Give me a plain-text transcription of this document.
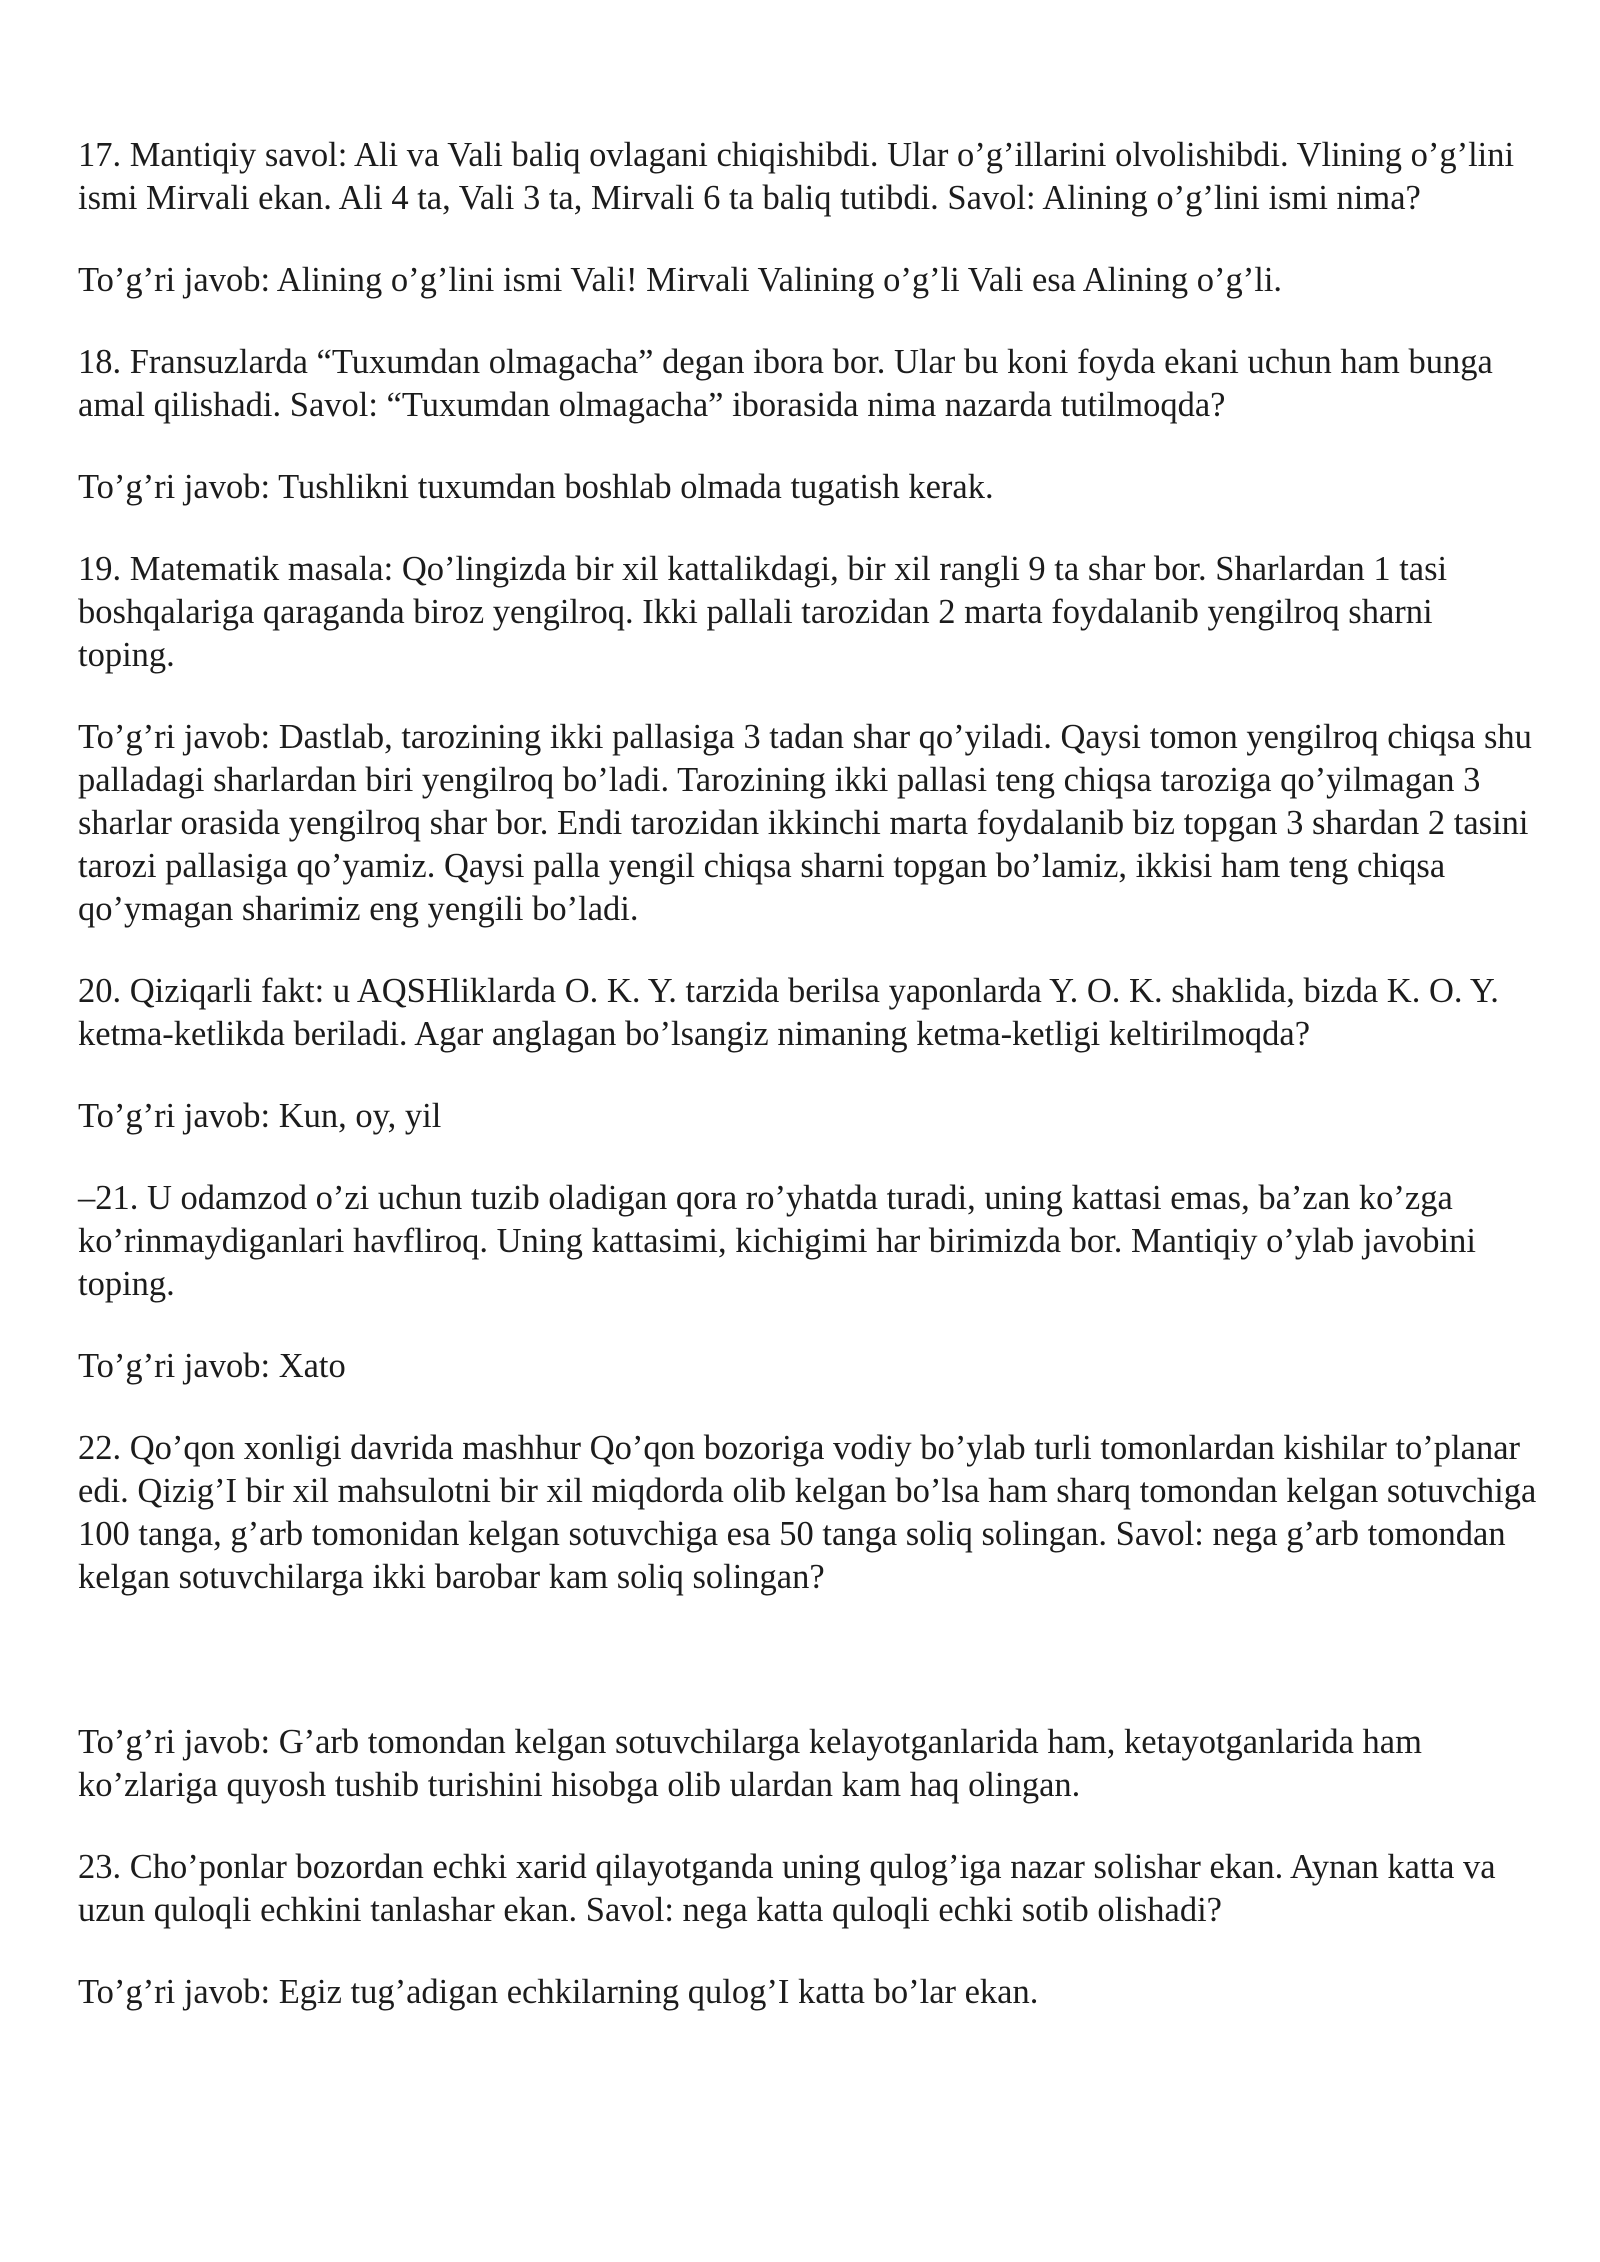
17. Mantiqiy savol: Ali va Vali baliq ovlagani chiqishibdi. Ular o’g’illarini olvolishibdi. Vlining o’g’lini ismi Mirvali ekan. Ali 4 ta, Vali 3 ta, Mirvali 6 ta baliq tutibdi. Savol: Alining o’g’lini ismi nima?

To’g’ri javob: Alining o’g’lini ismi Vali! Mirvali Valining o’g’li Vali esa Alining o’g’li.

18. Fransuzlarda “Tuxumdan olmagacha” degan ibora bor. Ular bu koni foyda ekani uchun ham bunga amal qilishadi. Savol: “Tuxumdan olmagacha” iborasida nima nazarda tutilmoqda?

To’g’ri javob: Tushlikni tuxumdan boshlab olmada tugatish kerak.

19. Matematik masala: Qo’lingizda bir xil kattalikdagi, bir xil rangli 9 ta shar bor. Sharlardan 1 tasi boshqalariga qaraganda biroz yengilroq. Ikki pallali tarozidan 2 marta foydalanib yengilroq sharni toping.

To’g’ri javob: Dastlab, tarozining ikki pallasiga 3 tadan shar qo’yiladi. Qaysi tomon yengilroq chiqsa shu palladagi sharlardan biri yengilroq bo’ladi. Tarozining ikki pallasi teng chiqsa taroziga qo’yilmagan 3 sharlar orasida yengilroq shar bor. Endi tarozidan ikkinchi marta foydalanib biz topgan 3 shardan 2 tasini tarozi pallasiga qo’yamiz. Qaysi palla yengil chiqsa sharni topgan bo’lamiz, ikkisi ham teng chiqsa qo’ymagan sharimiz eng yengili bo’ladi.

20. Qiziqarli fakt: u AQSHliklarda O. K. Y. tarzida berilsa yaponlarda Y. O. K. shaklida, bizda K. O. Y. ketma-ketlikda beriladi. Agar anglagan bo’lsangiz nimaning ketma-ketligi keltirilmoqda?

To’g’ri javob: Kun, oy, yil

–21. U odamzod o’zi uchun tuzib oladigan qora ro’yhatda turadi, uning kattasi emas, ba’zan ko’zga ko’rinmaydiganlari havfliroq. Uning kattasimi, kichigimi har birimizda bor. Mantiqiy o’ylab javobini toping.

To’g’ri javob: Xato

22. Qo’qon xonligi davrida mashhur Qo’qon bozoriga vodiy bo’ylab turli tomonlardan kishilar to’planar edi. Qizig’I bir xil mahsulotni bir xil miqdorda olib kelgan bo’lsa ham sharq tomondan kelgan sotuvchiga 100 tanga, g’arb tomonidan kelgan sotuvchiga esa 50 tanga soliq solingan. Savol: nega g’arb tomondan kelgan sotuvchilarga ikki barobar kam soliq solingan?

To’g’ri javob: G’arb tomondan kelgan sotuvchilarga kelayotganlarida ham, ketayotganlarida ham ko’zlariga quyosh tushib turishini hisobga olib ulardan kam haq olingan.

23. Cho’ponlar bozordan echki xarid qilayotganda uning qulog’iga nazar solishar ekan. Aynan katta va uzun quloqli echkini tanlashar ekan. Savol: nega katta quloqli echki sotib olishadi?

To’g’ri javob: Egiz tug’adigan echkilarning qulog’I katta bo’lar ekan.
